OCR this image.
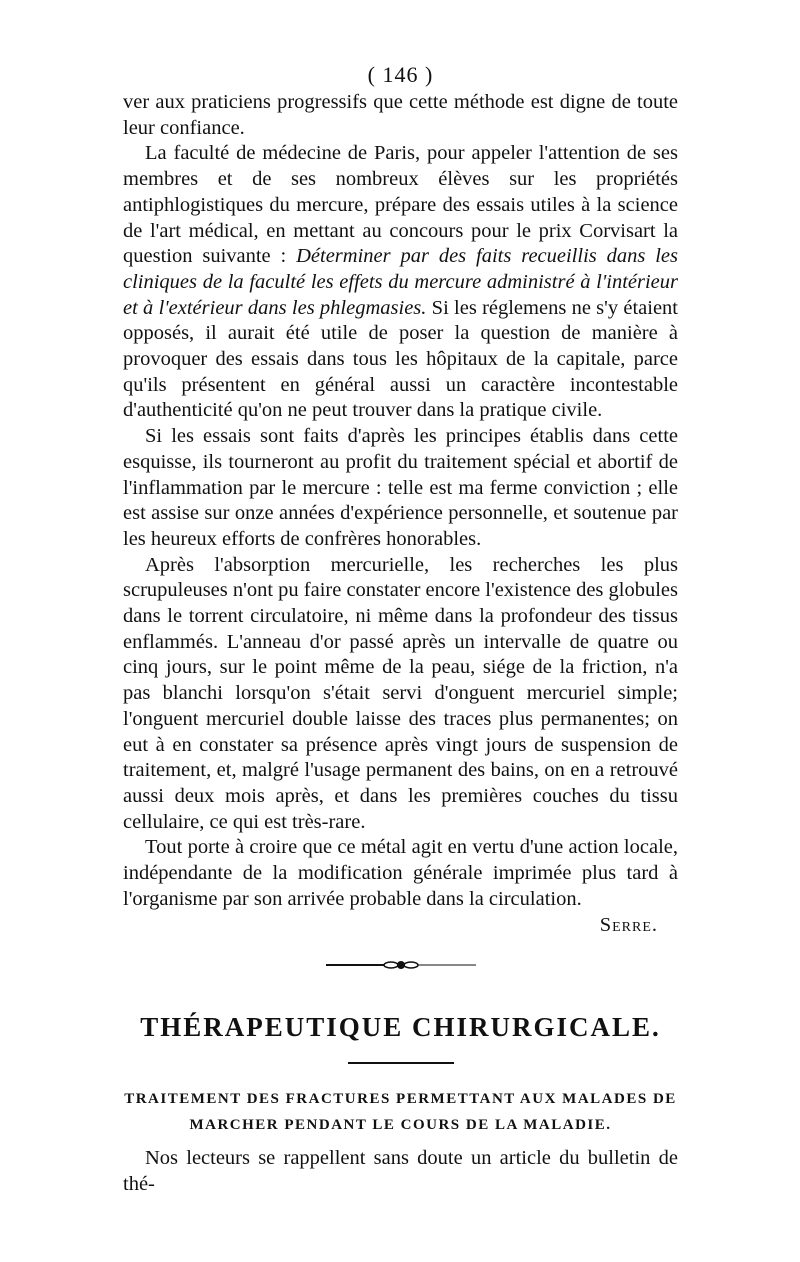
( 146 )

ver aux praticiens progressifs que cette méthode est digne de toute leur confiance.

La faculté de médecine de Paris, pour appeler l'attention de ses membres et de ses nombreux élèves sur les propriétés antiphlogistiques du mercure, prépare des essais utiles à la science de l'art médical, en mettant au concours pour le prix Corvisart la question suivante : Déterminer par des faits recueillis dans les cliniques de la faculté les effets du mercure administré à l'intérieur et à l'extérieur dans les phlegmasies. Si les réglemens ne s'y étaient opposés, il aurait été utile de poser la question de manière à provoquer des essais dans tous les hôpitaux de la capitale, parce qu'ils présentent en général aussi un caractère incontestable d'authenticité qu'on ne peut trouver dans la pratique civile.

Si les essais sont faits d'après les principes établis dans cette esquisse, ils tourneront au profit du traitement spécial et abortif de l'inflammation par le mercure : telle est ma ferme conviction ; elle est assise sur onze années d'expérience personnelle, et soutenue par les heureux efforts de confrères honorables.

Après l'absorption mercurielle, les recherches les plus scrupuleuses n'ont pu faire constater encore l'existence des globules dans le torrent circulatoire, ni même dans la profondeur des tissus enflammés. L'anneau d'or passé après un intervalle de quatre ou cinq jours, sur le point même de la peau, siége de la friction, n'a pas blanchi lorsqu'on s'était servi d'onguent mercuriel simple; l'onguent mercuriel double laisse des traces plus permanentes; on eut à en constater sa présence après vingt jours de suspension de traitement, et, malgré l'usage permanent des bains, on en a retrouvé aussi deux mois après, et dans les premières couches du tissu cellulaire, ce qui est très-rare.

Tout porte à croire que ce métal agit en vertu d'une action locale, indépendante de la modification générale imprimée plus tard à l'organisme par son arrivée probable dans la circulation.
Serre.

THÉRAPEUTIQUE CHIRURGICALE.
TRAITEMENT DES FRACTURES PERMETTANT AUX MALADES DE
MARCHER PENDANT LE COURS DE LA MALADIE.

Nos lecteurs se rappellent sans doute un article du bulletin de thé-
